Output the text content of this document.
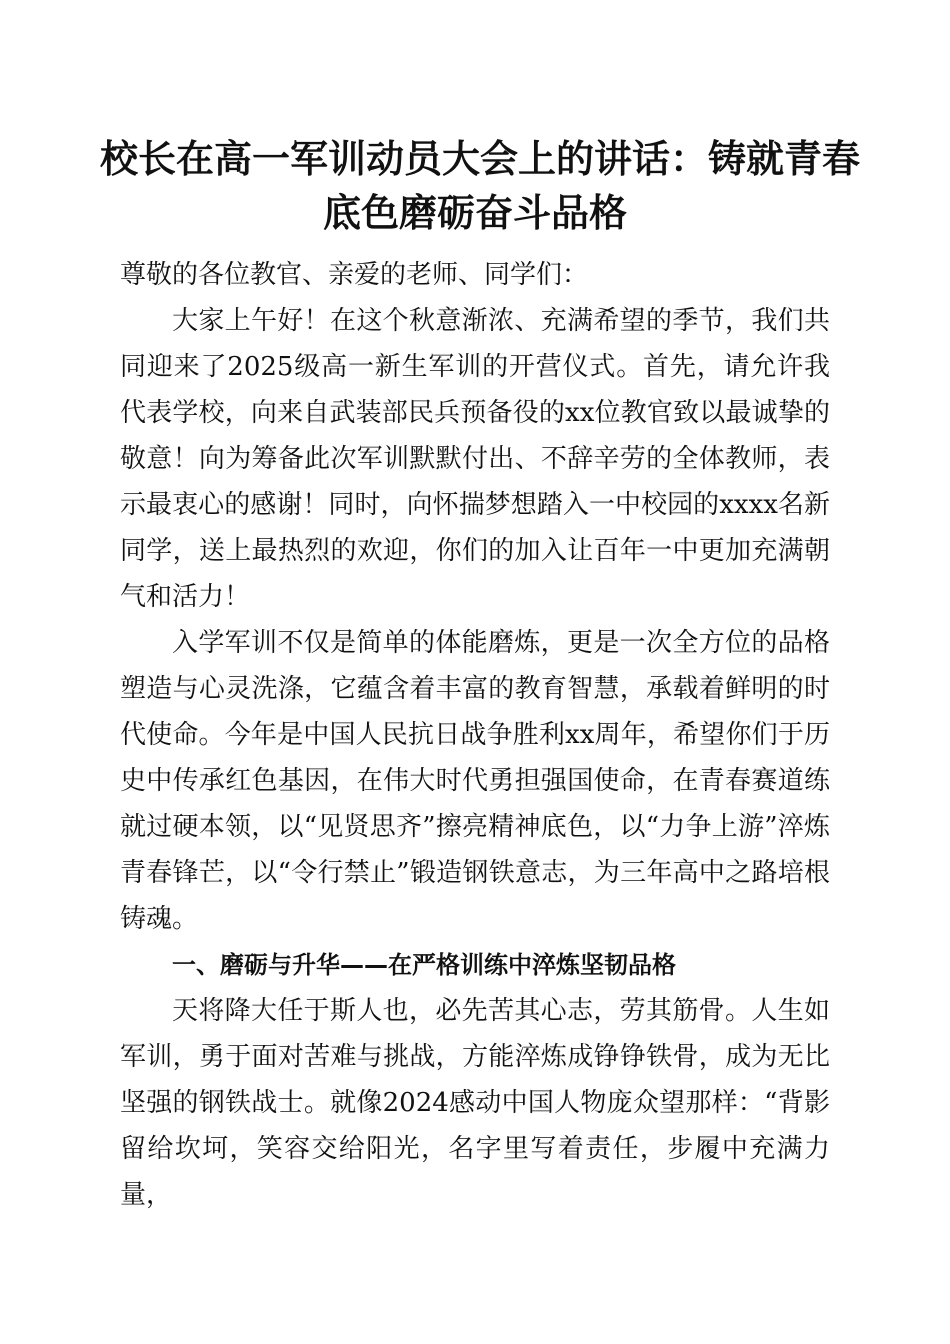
校长在高一军训动员大会上的讲话：铸就青春
底色磨砺奋斗品格

尊敬的各位教官、亲爱的老师、同学们：

大家上午好！在这个秋意渐浓、充满希望的季节，我们共同迎来了2025级高一新生军训的开营仪式。首先，请允许我代表学校，向来自武装部民兵预备役的xx位教官致以最诚挚的敬意！向为筹备此次军训默默付出、不辞辛劳的全体教师，表示最衷心的感谢！同时，向怀揣梦想踏入一中校园的xxxx名新同学，送上最热烈的欢迎，你们的加入让百年一中更加充满朝气和活力！

入学军训不仅是简单的体能磨炼，更是一次全方位的品格塑造与心灵洗涤，它蕴含着丰富的教育智慧，承载着鲜明的时代使命。今年是中国人民抗日战争胜利xx周年，希望你们于历史中传承红色基因，在伟大时代勇担强国使命，在青春赛道练就过硬本领，以“见贤思齐”擦亮精神底色，以“力争上游”淬炼青春锋芒，以“令行禁止”锻造钢铁意志，为三年高中之路培根铸魂。

一、磨砺与升华——在严格训练中淬炼坚韧品格

天将降大任于斯人也，必先苦其心志，劳其筋骨。人生如军训，勇于面对苦难与挑战，方能淬炼成铮铮铁骨，成为无比坚强的钢铁战士。就像2024感动中国人物庞众望那样：“背影留给坎坷，笑容交给阳光，名字里写着责任，步履中充满力量，
